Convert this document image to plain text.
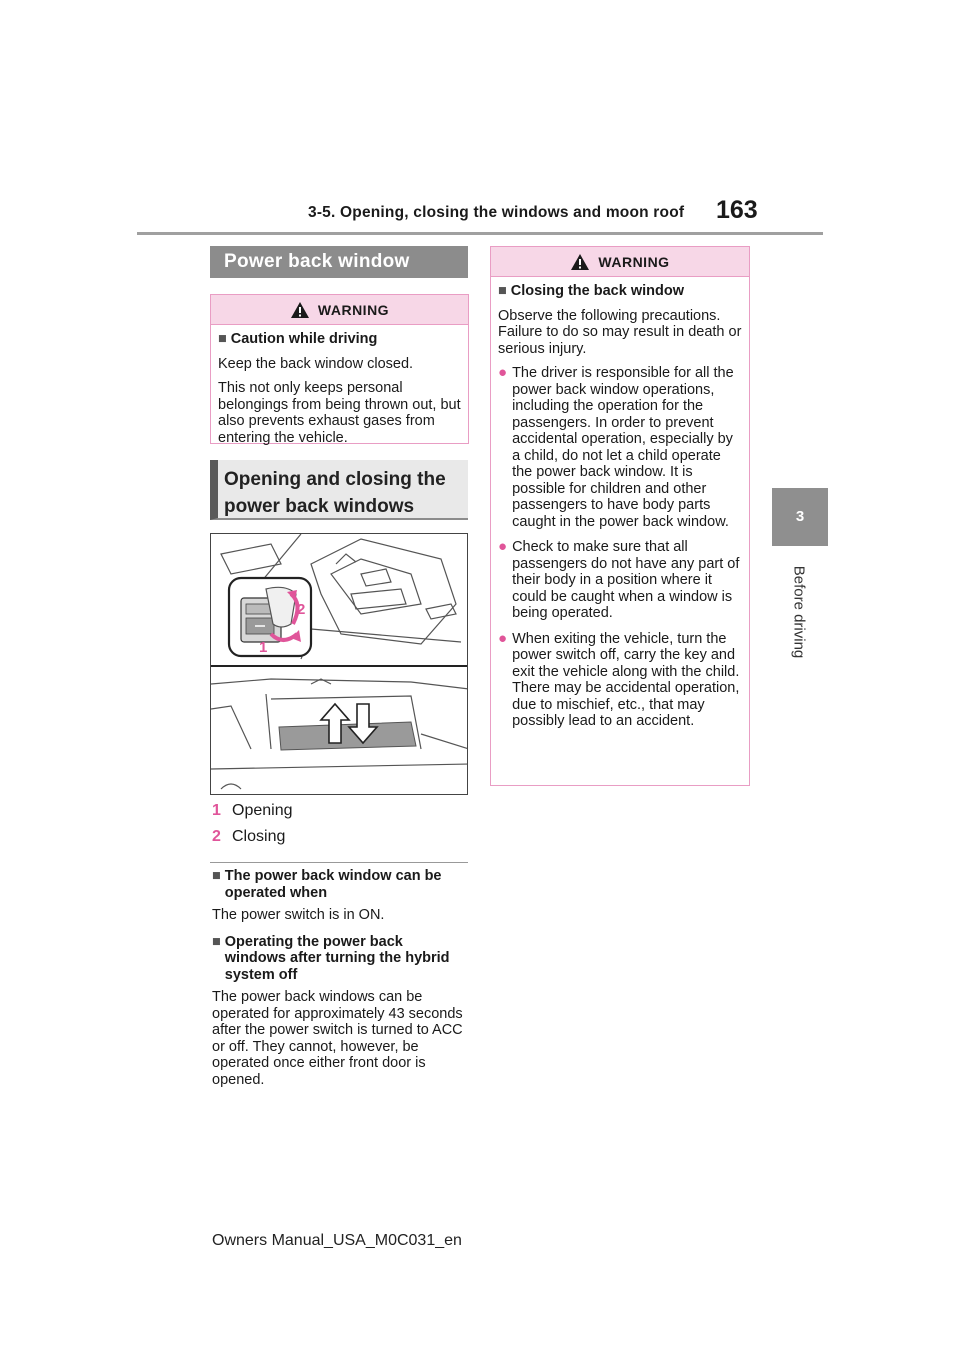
3-5. Opening, closing the windows and moon roof 163
3
Before driving
Power back window
WARNING
■ Caution while driving

Keep the back window closed.

This not only keeps personal belongings from being thrown out, but also prevents exhaust gases from entering the vehicle.

Opening and closing the
power back windows
2
1
1 Opening
2 Closing
■ The power back window can be operated when
The power switch is in ON.
■ Operating the power back windows after turning the hybrid system off
The power back windows can be operated for approximately 43 seconds after the power switch is turned to ACC or off. They cannot, however, be operated once either front door is opened.
WARNING
■ Closing the back window

Observe the following precautions.

Failure to do so may result in death or serious injury.

● The driver is responsible for all the power back window operations, including the operation for the passengers. In order to prevent accidental operation, especially by a child, do not let a child operate the power back window. It is possible for children and other passengers to have body parts caught in the power back window.
● Check to make sure that all passengers do not have any part of their body in a position where it could be caught when a window is being operated.
● When exiting the vehicle, turn the power switch off, carry the key and exit the vehicle along with the child. There may be accidental operation, due to mischief, etc., that may possibly lead to an accident.
Owners Manual_USA_M0C031_en
